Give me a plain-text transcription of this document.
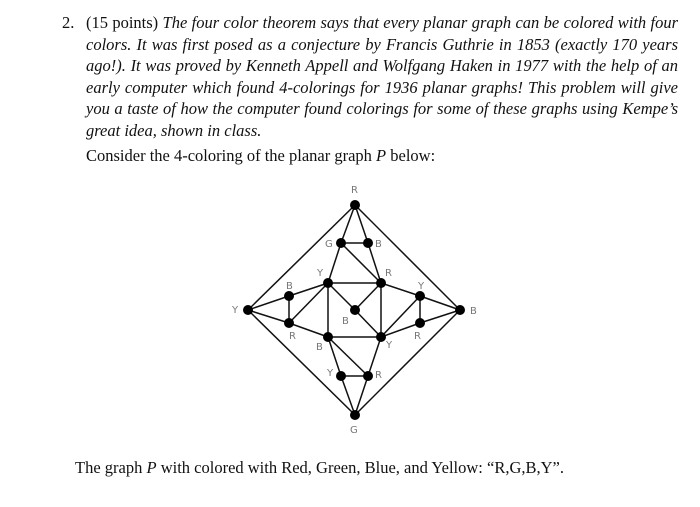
2. (15 points) The four color theorem says that every planar graph can be colored with four colors. It was first posed as a conjecture by Francis Guthrie in 1853 (exactly 170 years ago!). It was proved by Kenneth Appell and Wolfgang Haken in 1977 with the help of an early computer which found 4-colorings for 1936 planar graphs! This problem will give you a taste of how the computer found colorings for some of these graphs using Kempe’s great idea, shown in class.
Consider the 4-coloring of the planar graph P below:
R
Y	B
G
G	B
B
R
Y
R
Y	R
B
B	Y
Y	R
The graph P with colored with Red, Green, Blue, and Yellow: “R,G,B,Y”.
